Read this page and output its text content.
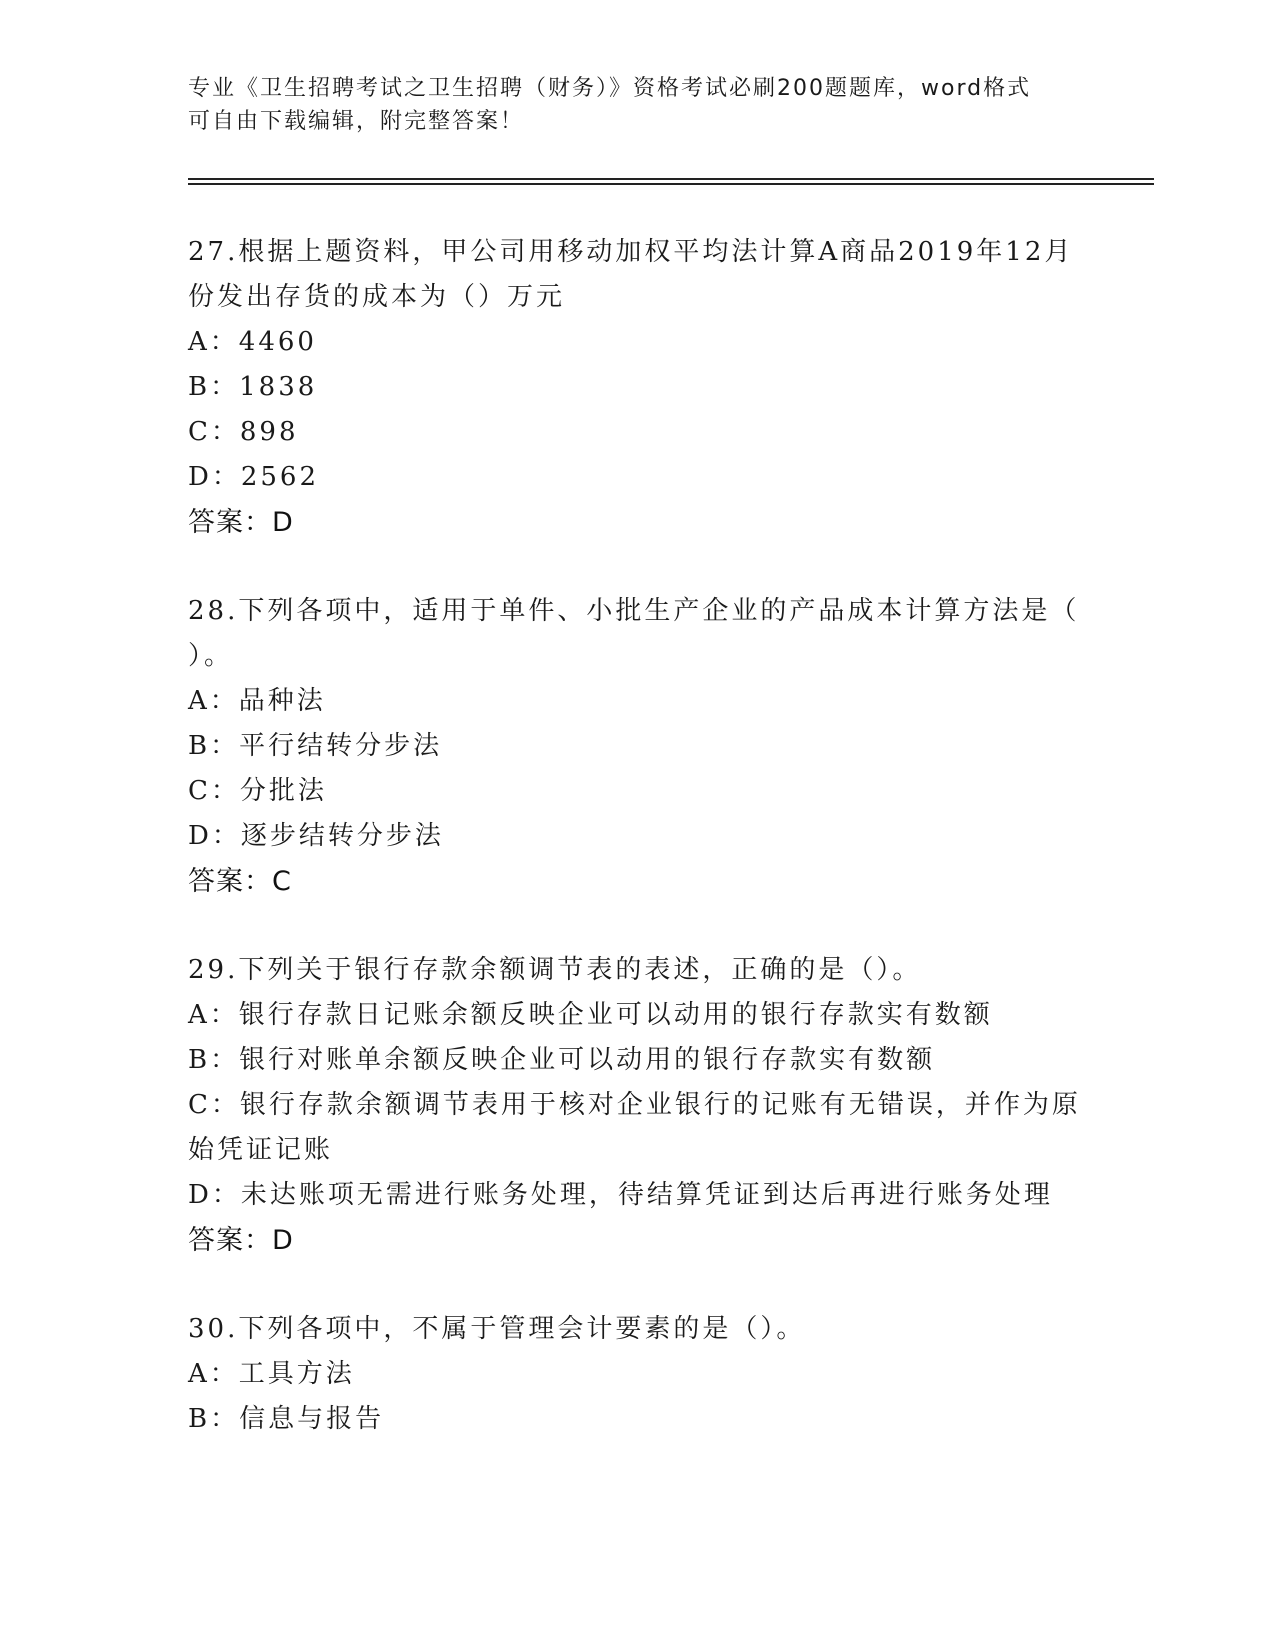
专业《卫生招聘考试之卫生招聘（财务）》资格考试必刷200题题库，word格式
可自由下载编辑，附完整答案！
27.根据上题资料，甲公司用移动加权平均法计算A商品2019年12月
份发出存货的成本为（）万元
A：4460
B：1838
C：898
D：2562
答案：D
28.下列各项中，适用于单件、小批生产企业的产品成本计算方法是（
）。
A：品种法
B：平行结转分步法
C：分批法
D：逐步结转分步法
答案：C
29.下列关于银行存款余额调节表的表述，正确的是（）。
A：银行存款日记账余额反映企业可以动用的银行存款实有数额
B：银行对账单余额反映企业可以动用的银行存款实有数额
C：银行存款余额调节表用于核对企业银行的记账有无错误，并作为原
始凭证记账
D：未达账项无需进行账务处理，待结算凭证到达后再进行账务处理
答案：D
30.下列各项中，不属于管理会计要素的是（）。
A：工具方法
B：信息与报告
